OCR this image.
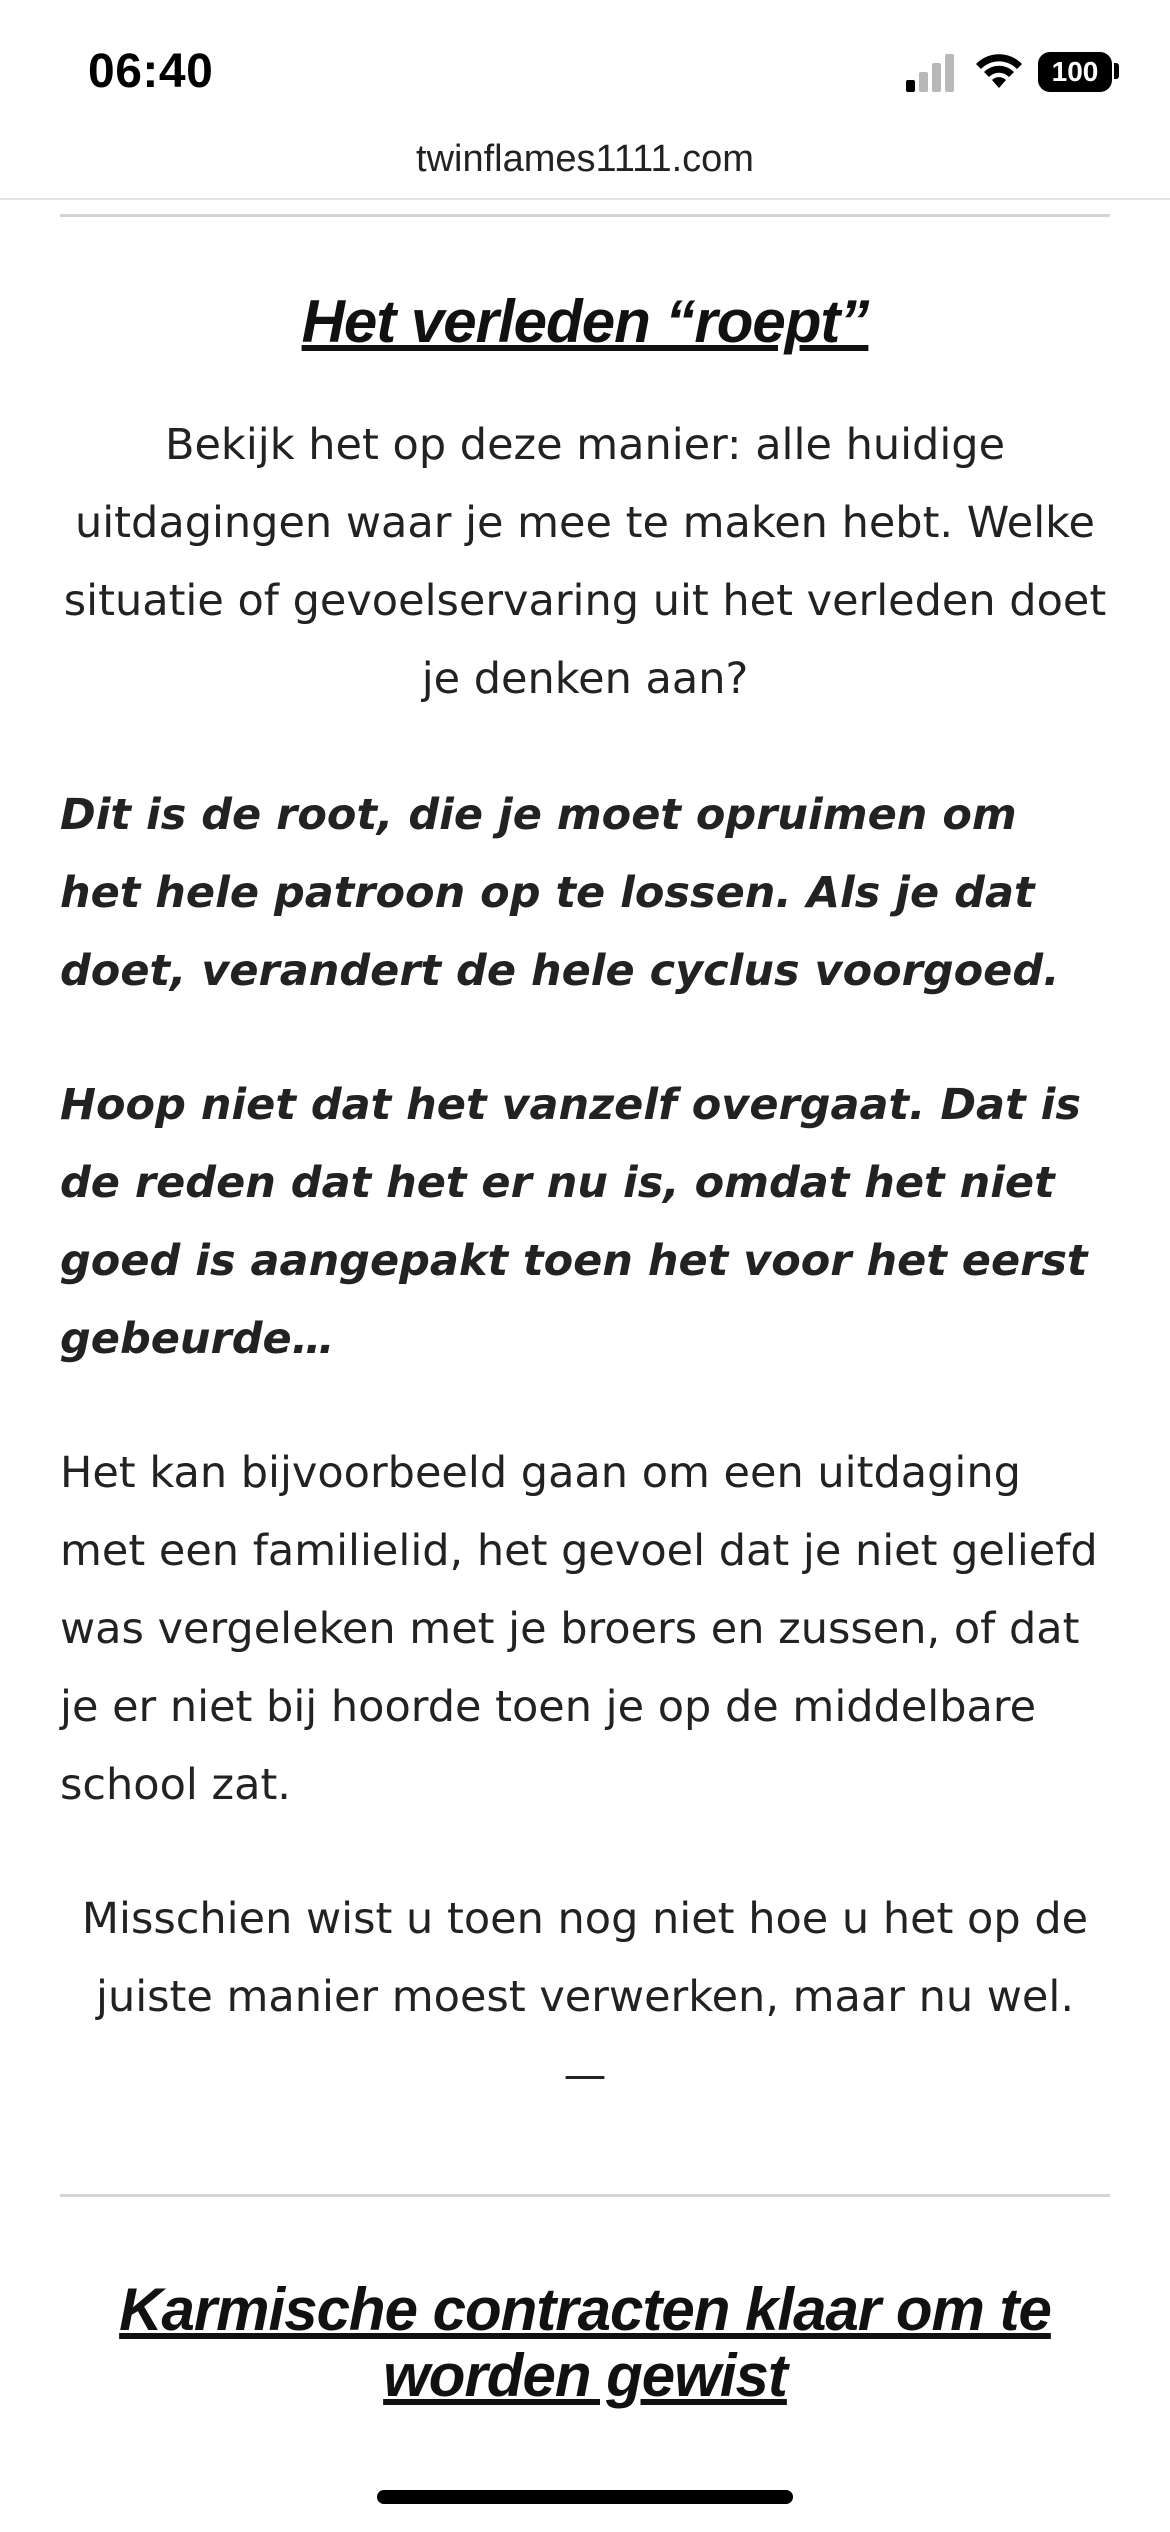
06:40	100
twinflames1111.com
Het verleden “roept”

Bekijk het op deze manier: alle huidige uitdagingen waar je mee te maken hebt. Welke situatie of gevoelservaring uit het verleden doet je denken aan?

Dit is de root, die je moet opruimen om het hele patroon op te lossen. Als je dat doet, verandert de hele cyclus voorgoed.

Hoop niet dat het vanzelf overgaat. Dat is de reden dat het er nu is, omdat het niet goed is aangepakt toen het voor het eerst gebeurde…

Het kan bijvoorbeeld gaan om een uitdaging met een familielid, het gevoel dat je niet geliefd was vergeleken met je broers en zussen, of dat je er niet bij hoorde toen je op de middelbare school zat.

Misschien wist u toen nog niet hoe u het op de juiste manier moest verwerken, maar nu wel.

—

Karmische contracten klaar om te worden gewist
